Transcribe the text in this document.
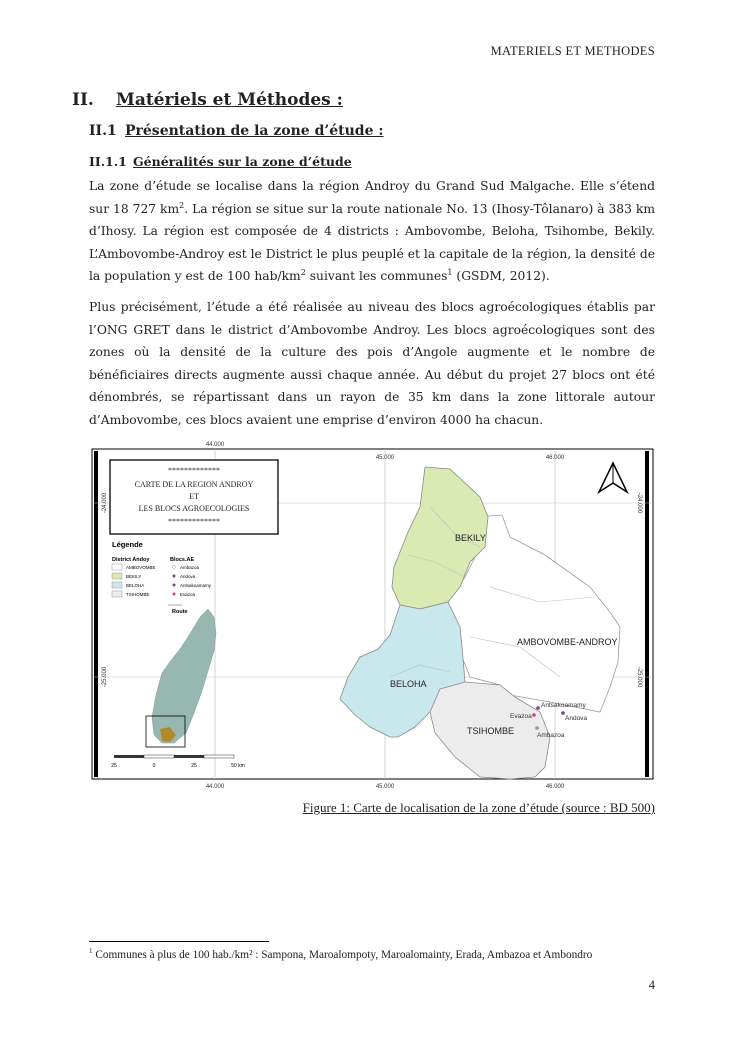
MATERIELS ET METHODES
II. Matériels et Méthodes :
II.1 Présentation de la zone d’étude :
II.1.1 Généralités sur la zone d’étude
La zone d’étude se localise dans la région Androy du Grand Sud Malgache. Elle s’étend sur 18 727 $km^2$. La région se situe sur la route nationale No. 13 (Ihosy-Tôlanaro) à 383 km d’Ihosy. La région est composée de 4 districts : Ambovombe, Beloha, Tsihombe, Bekily. L’Ambovombe-Androy est le District le plus peuplé et la capitale de la région, la densité de la population y est de 100 hab/$km^2$ suivant les communes$^1$ (GSDM, 2012).
Plus précisément, l’étude a été réalisée au niveau des blocs agroécologiques établis par l’ONG GRET dans le district d’Ambovombe Androy. Les blocs agroécologiques sont des zones où la densité de la culture des pois d’Angole augmente et le nombre de bénéficiaires directs augmente aussi chaque année. Au début du projet 27 blocs ont été dénombrés, se répartissant dans un rayon de 35 km dans la zone littorale autour d’Ambovombe, ces blocs avaient une emprise d’environ 4000 ha chacun.
44.000
45.000	46.000
44.000	45.000	46.000
-24.000
-25.000
-24.000
-25.000
BEKILY
AMBOVOMBE-ANDROY
BELOHA
TSIHOMBE
Antsakoamamy
Evazoa	Andova
Ambazoa
*************
CARTE DE LA REGION ANDROY
ET
LES BLOCS AGROECOLOGIES
*************
Légende
District Andoy	Blocs.AE
AMBOVOMBE
BEKILY
BELOHA
TSIHOMBE
Ambazoa
Andova
Antsakoamamy
Evazoa
Route
25	0	25	50 km
Figure 1: Carte de localisation de la zone d’étude (source : BD 500)
$^1$ Communes à plus de 100 hab./km² : Sampona, Maroalompoty, Maroalomainty, Erada, Ambazoa et Ambondro
4
